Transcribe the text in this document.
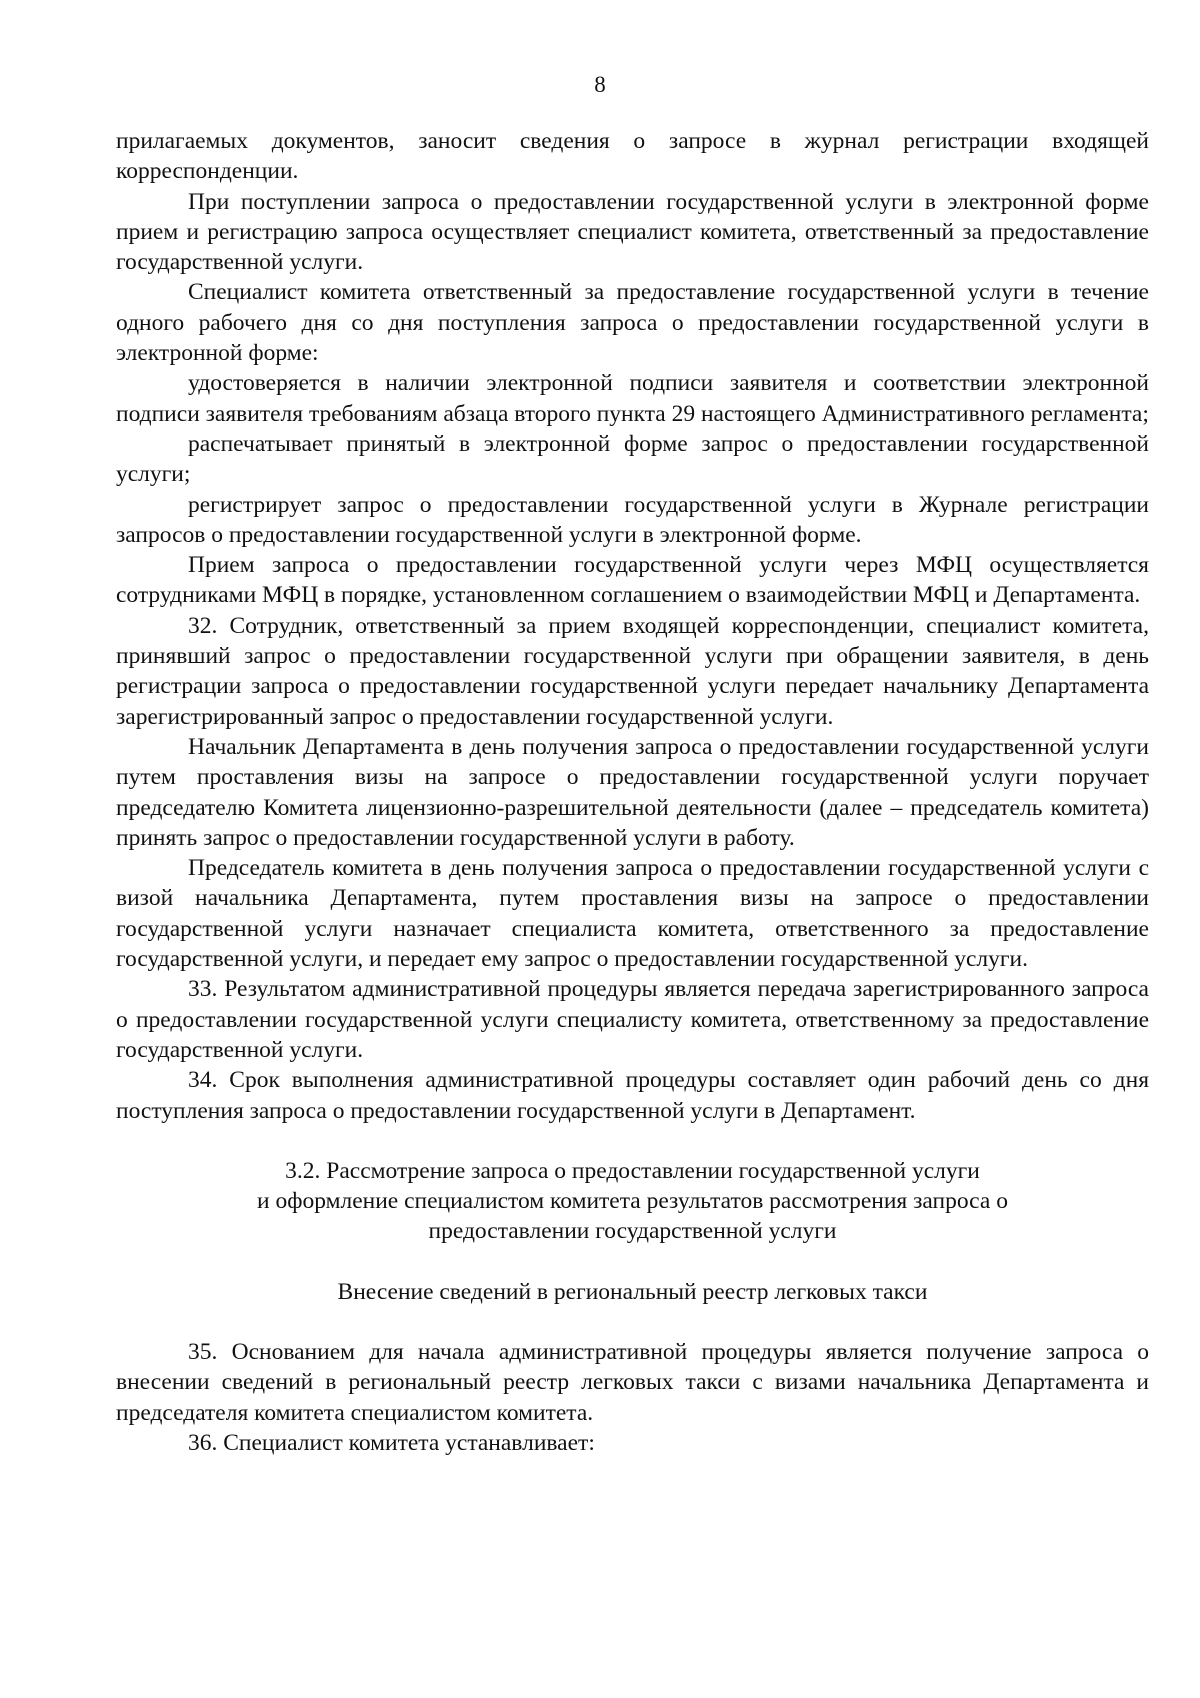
8

прилагаемых документов, заносит сведения о запросе в журнал регистрации входящей корреспонденции.

При поступлении запроса о предоставлении государственной услуги в электронной форме прием и регистрацию запроса осуществляет специалист комитета, ответственный за предоставление государственной услуги.

Специалист комитета ответственный за предоставление государственной услуги в течение одного рабочего дня со дня поступления запроса о предоставлении государственной услуги в электронной форме:

удостоверяется в наличии электронной подписи заявителя и соответствии электронной подписи заявителя требованиям абзаца второго пункта 29 настоящего Административного регламента;

распечатывает принятый в электронной форме запрос о предоставлении государственной услуги;

регистрирует запрос о предоставлении государственной услуги в Журнале регистрации запросов о предоставлении государственной услуги в электронной форме.

Прием запроса о предоставлении государственной услуги через МФЦ осуществляется сотрудниками МФЦ в порядке, установленном соглашением о взаимодействии МФЦ и Департамента.

32. Сотрудник, ответственный за прием входящей корреспонденции, специалист комитета, принявший запрос о предоставлении государственной услуги при обращении заявителя, в день регистрации запроса о предоставлении государственной услуги передает начальнику Департамента зарегистрированный запрос о предоставлении государственной услуги.

Начальник Департамента в день получения запроса о предоставлении государственной услуги путем проставления визы на запросе о предоставлении государственной услуги поручает председателю Комитета лицензионно-разрешительной деятельности (далее – председатель комитета) принять запрос о предоставлении государственной услуги в работу.

Председатель комитета в день получения запроса о предоставлении государственной услуги с визой начальника Департамента, путем проставления визы на запросе о предоставлении государственной услуги назначает специалиста комитета, ответственного за предоставление государственной услуги, и передает ему запрос о предоставлении государственной услуги.

33. Результатом административной процедуры является передача зарегистрированного запроса о предоставлении государственной услуги специалисту комитета, ответственному за предоставление государственной услуги.

34. Срок выполнения административной процедуры составляет один рабочий день со дня поступления запроса о предоставлении государственной услуги в Департамент.

3.2. Рассмотрение запроса о предоставлении государственной услуги

и оформление специалистом комитета результатов рассмотрения запроса о

предоставлении государственной услуги

Внесение сведений в региональный реестр легковых такси

35. Основанием для начала административной процедуры является получение запроса о внесении сведений в региональный реестр легковых такси с визами начальника Департамента и председателя комитета специалистом комитета.

36. Специалист комитета устанавливает:
